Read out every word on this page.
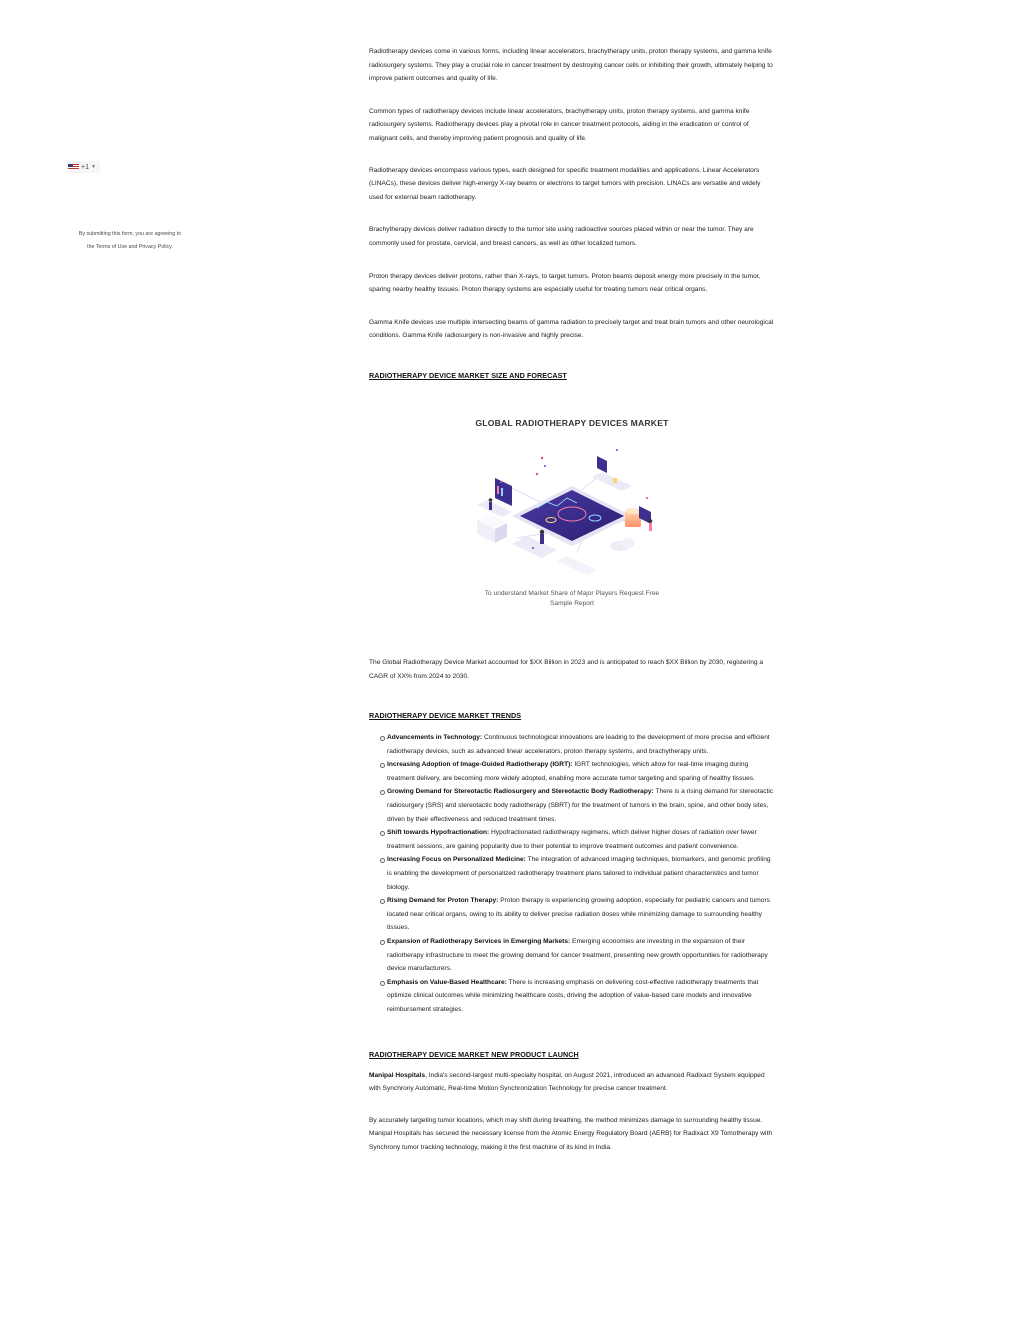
+1 ▼
By submitting this form, you are agreeing to
the Terms of Use and Privacy Policy.

Radiotherapy devices come in various forms, including linear accelerators, brachytherapy units, proton therapy systems, and gamma knife radiosurgery systems. They play a crucial role in cancer treatment by destroying cancer cells or inhibiting their growth, ultimately helping to improve patient outcomes and quality of life.

Common types of radiotherapy devices include linear accelerators, brachytherapy units, proton therapy systems, and gamma knife radiosurgery systems. Radiotherapy devices play a pivotal role in cancer treatment protocols, aiding in the eradication or control of malignant cells, and thereby improving patient prognosis and quality of life.

Radiotherapy devices encompass various types, each designed for specific treatment modalities and applications. Linear Accelerators (LINACs), these devices deliver high-energy X-ray beams or electrons to target tumors with precision. LINACs are versatile and widely used for external beam radiotherapy.

Brachytherapy devices deliver radiation directly to the tumor site using radioactive sources placed within or near the tumor. They are commonly used for prostate, cervical, and breast cancers, as well as other localized tumors.

Proton therapy devices deliver protons, rather than X-rays, to target tumors. Proton beams deposit energy more precisely in the tumor, sparing nearby healthy tissues. Proton therapy systems are especially useful for treating tumors near critical organs.

Gamma Knife devices use multiple intersecting beams of gamma radiation to precisely target and treat brain tumors and other neurological conditions. Gamma Knife radiosurgery is non-invasive and highly precise.

RADIOTHERAPY DEVICE MARKET SIZE AND FORECAST
GLOBAL RADIOTHERAPY DEVICES MARKET
To understand Market Share of Major Players Request Free
Sample Report

The Global Radiotherapy Device Market accounted for $XX Billion in 2023 and is anticipated to reach $XX Billion by 2030, registering a CAGR of XX% from 2024 to 2030.

RADIOTHERAPY DEVICE MARKET TRENDS
Advancements in Technology: Continuous technological innovations are leading to the development of more precise and efficient radiotherapy devices, such as advanced linear accelerators, proton therapy systems, and brachytherapy units.
Increasing Adoption of Image-Guided Radiotherapy (IGRT): IGRT technologies, which allow for real-time imaging during treatment delivery, are becoming more widely adopted, enabling more accurate tumor targeting and sparing of healthy tissues.
Growing Demand for Stereotactic Radiosurgery and Stereotactic Body Radiotherapy: There is a rising demand for stereotactic radiosurgery (SRS) and stereotactic body radiotherapy (SBRT) for the treatment of tumors in the brain, spine, and other body sites, driven by their effectiveness and reduced treatment times.
Shift towards Hypofractionation: Hypofractionated radiotherapy regimens, which deliver higher doses of radiation over fewer treatment sessions, are gaining popularity due to their potential to improve treatment outcomes and patient convenience.
Increasing Focus on Personalized Medicine: The integration of advanced imaging techniques, biomarkers, and genomic profiling is enabling the development of personalized radiotherapy treatment plans tailored to individual patient characteristics and tumor biology.
Rising Demand for Proton Therapy: Proton therapy is experiencing growing adoption, especially for pediatric cancers and tumors located near critical organs, owing to its ability to deliver precise radiation doses while minimizing damage to surrounding healthy tissues.
Expansion of Radiotherapy Services in Emerging Markets: Emerging economies are investing in the expansion of their radiotherapy infrastructure to meet the growing demand for cancer treatment, presenting new growth opportunities for radiotherapy device manufacturers.
Emphasis on Value-Based Healthcare: There is increasing emphasis on delivering cost-effective radiotherapy treatments that optimize clinical outcomes while minimizing healthcare costs, driving the adoption of value-based care models and innovative reimbursement strategies.
RADIOTHERAPY DEVICE MARKET NEW PRODUCT LAUNCH

Manipal Hospitals, India's second-largest multi-specialty hospital, on August 2021, introduced an advanced Radixact System equipped with Synchrony Automatic, Real-time Motion Synchronization Technology for precise cancer treatment.

By accurately targeting tumor locations, which may shift during breathing, the method minimizes damage to surrounding healthy tissue. Manipal Hospitals has secured the necessary license from the Atomic Energy Regulatory Board (AERB) for Radixact X9 Tomotherapy with Synchrony tumor tracking technology, making it the first machine of its kind in India.
